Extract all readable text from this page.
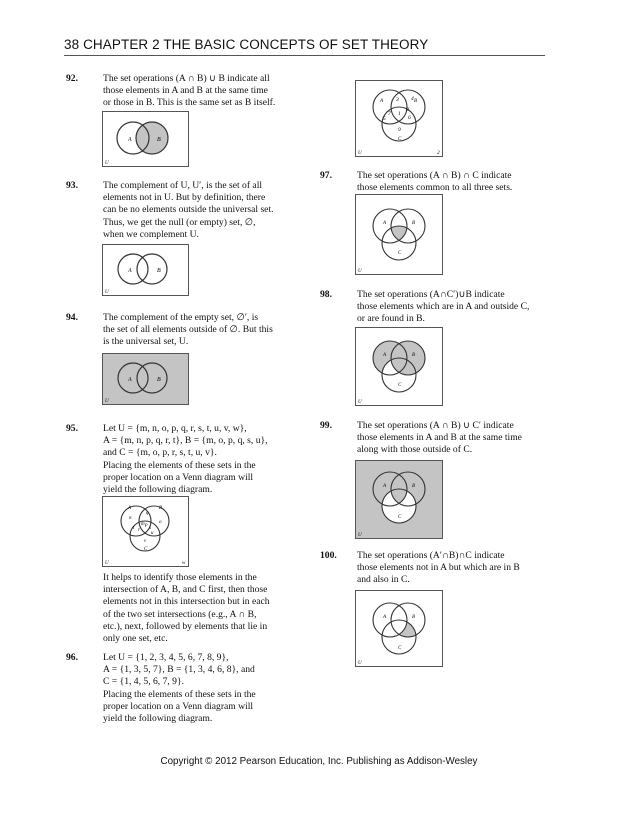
38 CHAPTER 2 THE BASIC CONCEPTS OF SET THEORY
92.	The set operations (A ∩ B) ∪ B indicate all
those elements in A and B at the same time
or those in B. This is the same set as B itself.
A	B
U
93.	The complement of U, U′, is the set of all
elements not in U. But by definition, there
can be no elements outside the universal set.
Thus, we get the null (or empty) set, ∅,
when we complement U.
A	B
U
94.	The complement of the empty set, ∅′, is
the set of all elements outside of ∅. But this
is the universal set, U.
A	B
U
95.	Let U = {m, n, o, p, q, r, s, t, u, v, w},
A = {m, n, p, q, r, t}, B = {m, o, p, q, s, u},
and C = {m, o, p, r, s, t, u, v}.
Placing the elements of these sets in the
proper location on a Venn diagram will
yield the following diagram.
A	B
C
U
n
q
o
t
m
s
r
p
u
v
w
It helps to identify those elements in the
intersection of A, B, and C first, then those
elements not in this intersection but in each
of the two set intersections (e.g., A ∩ B,
etc.), next, followed by elements that lie in
only one set, etc.
96.	Let U = {1, 2, 3, 4, 5, 6, 7, 8, 9},
A = {1, 3, 5, 7}, B = {1, 3, 4, 6, 8}, and
C = {1, 4, 5, 6, 7, 9}.
Placing the elements of these sets in the
proper location on a Venn diagram will
yield the following diagram.
A	B
C
U
3 4
8
7 1
5	6
9
2
97.	The set operations (A ∩ B) ∩ C indicate
those elements common to all three sets.
A	B
C
U
98.	The set operations (A∩C′)∪B indicate
those elements which are in A and outside C,
or are found in B.
A	B
C
U
99.	The set operations (A ∩ B) ∪ C′ indicate
those elements in A and B at the same time
along with those outside of C.
A	B
C
U
100. The set operations (A′∩B)∩C indicate
those elements not in A but which are in B
and also in C.
A	B
C
U
Copyright © 2012 Pearson Education, Inc. Publishing as Addison-Wesley
